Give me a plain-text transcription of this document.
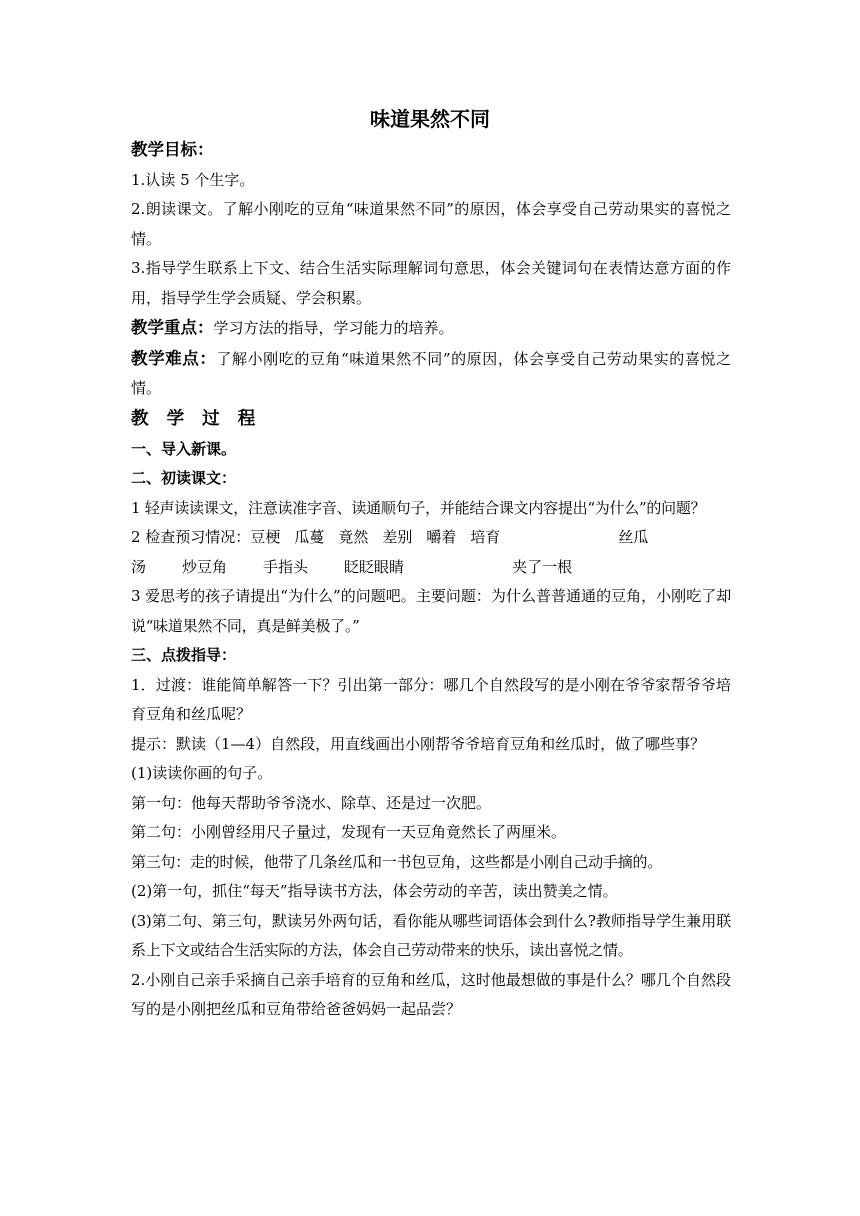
味道果然不同

教学目标：

1.认读 5 个生字。

2.朗读课文。了解小刚吃的豆角“味道果然不同”的原因，体会享受自己劳动果实的喜悦之情。

3.指导学生联系上下文、结合生活实际理解词句意思，体会关键词句在表情达意方面的作用，指导学生学会质疑、学会积累。

教学重点：学习方法的指导，学习能力的培养。

教学难点：了解小刚吃的豆角“味道果然不同”的原因，体会享受自己劳动果实的喜悦之情。

教 学 过 程

一、导入新课。

二、初读课文：

1 轻声读读课文，注意读准字音、读通顺句子，并能结合课文内容提出“为什么”的问题？

2 检查预习情况：豆梗 瓜蔓 竟然 差别 嚼着 培育	丝瓜

汤 炒豆角 手指头 眨眨眼睛	夹了一根

3 爱思考的孩子请提出“为什么”的问题吧。主要问题：为什么普普通通的豆角，小刚吃了却说“味道果然不同，真是鲜美极了。”

三、点拨指导：

1．过渡：谁能简单解答一下？引出第一部分：哪几个自然段写的是小刚在爷爷家帮爷爷培育豆角和丝瓜呢？

提示：默读（1—4）自然段，用直线画出小刚帮爷爷培育豆角和丝瓜时，做了哪些事？

(1)读读你画的句子。

第一句：他每天帮助爷爷浇水、除草、还是过一次肥。

第二句：小刚曾经用尺子量过，发现有一天豆角竟然长了两厘米。

第三句：走的时候，他带了几条丝瓜和一书包豆角，这些都是小刚自己动手摘的。

(2)第一句，抓住“每天”指导读书方法，体会劳动的辛苦，读出赞美之情。

(3)第二句、第三句，默读另外两句话，看你能从哪些词语体会到什么?教师指导学生兼用联系上下文或结合生活实际的方法，体会自己劳动带来的快乐，读出喜悦之情。

2.小刚自己亲手采摘自己亲手培育的豆角和丝瓜，这时他最想做的事是什么？哪几个自然段写的是小刚把丝瓜和豆角带给爸爸妈妈一起品尝？
